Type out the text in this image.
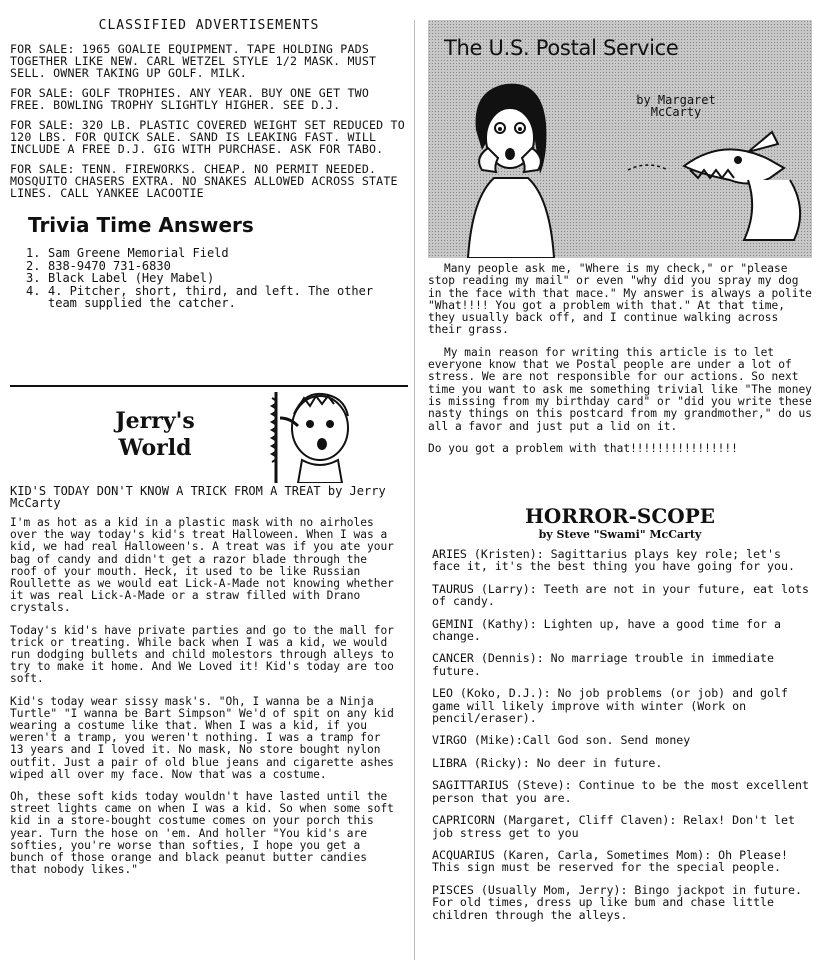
CLASSIFIED ADVERTISEMENTS

FOR SALE: 1965 GOALIE EQUIPMENT. TAPE HOLDING PADS TOGETHER LIKE NEW. CARL WETZEL STYLE 1/2 MASK. MUST SELL. OWNER TAKING UP GOLF. MILK.

FOR SALE: GOLF TROPHIES. ANY YEAR. BUY ONE GET TWO FREE. BOWLING TROPHY SLIGHTLY HIGHER. SEE D.J.

FOR SALE: 320 LB. PLASTIC COVERED WEIGHT SET REDUCED TO 120 LBS. FOR QUICK SALE. SAND IS LEAKING FAST. WILL INCLUDE A FREE D.J. GIG WITH PURCHASE. ASK FOR TABO.

FOR SALE: TENN. FIREWORKS. CHEAP. NO PERMIT NEEDED. MOSQUITO CHASERS EXTRA. NO SNAKES ALLOWED ACROSS STATE LINES. CALL YANKEE LACOOTIE

Trivia Time Answers
1. Sam Greene Memorial Field
2. 838-9470 731-6830
3. Black Label (Hey Mabel)
4. 4. Pitcher, short, third, and left. The other team supplied the catcher.
Jerry's
World
KID'S TODAY DON'T KNOW A TRICK FROM A TREAT by Jerry McCarty

I'm as hot as a kid in a plastic mask with no airholes over the way today's kid's treat Halloween. When I was a kid, we had real Halloween's. A treat was if you ate your bag of candy and didn't get a razor blade through the roof of your mouth. Heck, it used to be like Russian Roullette as we would eat Lick-A-Made not knowing whether it was real Lick-A-Made or a straw filled with Drano crystals.

Today's kid's have private parties and go to the mall for trick or treating. While back when I was a kid, we would run dodging bullets and child molestors through alleys to try to make it home. And We Loved it! Kid's today are too soft.

Kid's today wear sissy mask's. "Oh, I wanna be a Ninja Turtle" "I wanna be Bart Simpson" We'd of spit on any kid wearing a costume like that. When I was a kid, if you weren't a tramp, you weren't nothing. I was a tramp for 13 years and I loved it. No mask, No store bought nylon outfit. Just a pair of old blue jeans and cigarette ashes wiped all over my face. Now that was a costume.

Oh, these soft kids today wouldn't have lasted until the street lights came on when I was a kid. So when some soft kid in a store-bought costume comes on your porch this year. Turn the hose on 'em. And holler "You kid's are softies, you're worse than softies, I hope you get a bunch of those orange and black peanut butter candies that nobody likes."

The U.S. Postal Service
by Margaret McCarty

Many people ask me, "Where is my check," or "please stop reading my mail" or even "why did you spray my dog in the face with that mace." My answer is always a polite "What!!!! You got a problem with that." At that time, they usually back off, and I continue walking across their grass.

My main reason for writing this article is to let everyone know that we Postal people are under a lot of stress. We are not responsible for our actions. So next time you want to ask me something trivial like "The money is missing from my birthday card" or "did you write these nasty things on this postcard from my grandmother," do us all a favor and just put a lid on it.

Do you got a problem with that!!!!!!!!!!!!!!!!

HORROR-SCOPE
by Steve "Swami" McCarty

ARIES (Kristen): Sagittarius plays key role; let's face it, it's the best thing you have going for you.

TAURUS (Larry): Teeth are not in your future, eat lots of candy.

GEMINI (Kathy): Lighten up, have a good time for a change.

CANCER (Dennis): No marriage trouble in immediate future.

LEO (Koko, D.J.): No job problems (or job) and golf game will likely improve with winter (Work on pencil/eraser).

VIRGO (Mike):Call God son. Send money

LIBRA (Ricky): No deer in future.

SAGITTARIUS (Steve): Continue to be the most excellent person that you are.

CAPRICORN (Margaret, Cliff Claven): Relax! Don't let job stress get to you

ACQUARIUS (Karen, Carla, Sometimes Mom): Oh Please! This sign must be reserved for the special people.

PISCES (Usually Mom, Jerry): Bingo jackpot in future. For old times, dress up like bum and chase little children through the alleys.
